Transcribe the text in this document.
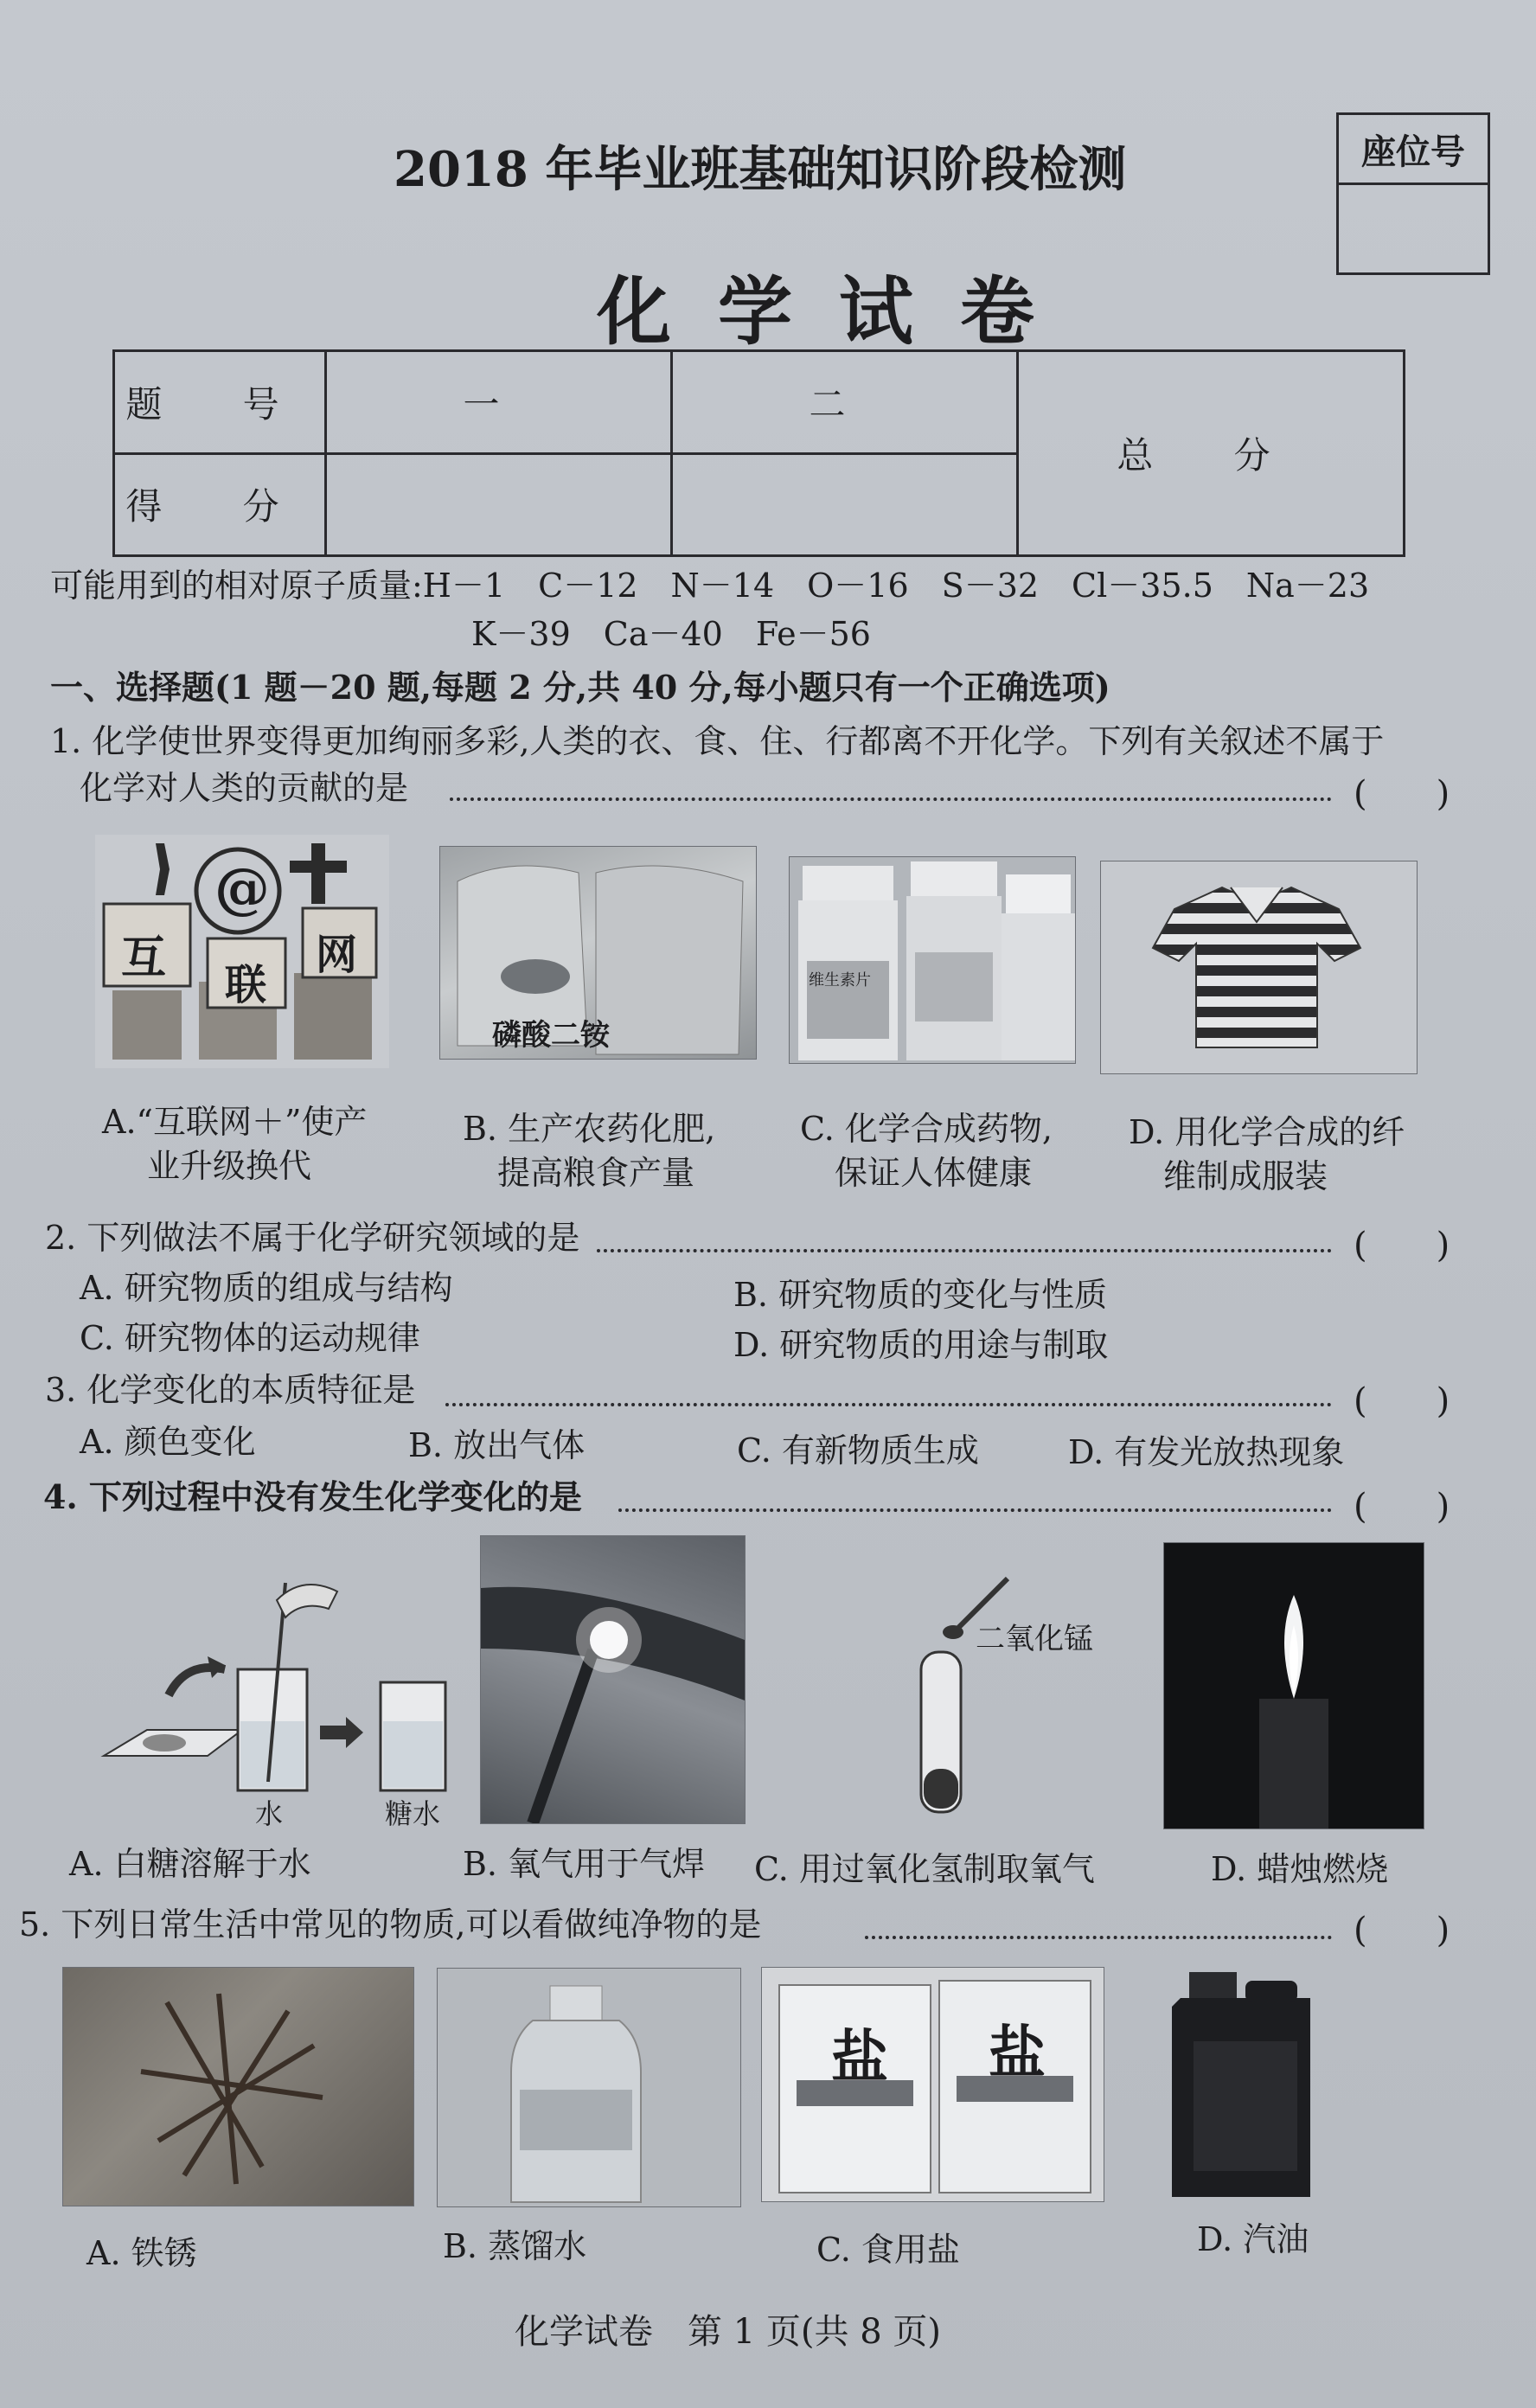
2018 年毕业班基础知识阶段检测
化 学 试 卷
座位号
题 号	一	二	总 分
得 分			
可能用到的相对原子质量:H－1　C－12　N－14　O－16　S－32　Cl－35.5　Na－23
K－39　Ca－40　Fe－56
一、选择题(1 题－20 题,每题 2 分,共 40 分,每小题只有一个正确选项)
1. 化学使世界变得更加绚丽多彩,人类的衣、食、住、行都离不开化学。下列有关叙述不属于
化学对人类的贡献的是	(　　)
互
@
联
网
磷酸二铵
维生素片
A.“互联网＋”使产
业升级换代
B. 生产农药化肥,
提高粮食产量
C. 化学合成药物,
保证人体健康
D. 用化学合成的纤
维制成服装
2. 下列做法不属于化学研究领域的是	(　　)
A. 研究物质的组成与结构	B. 研究物质的变化与性质
C. 研究物体的运动规律	D. 研究物质的用途与制取
3. 化学变化的本质特征是	(　　)
A. 颜色变化	B. 放出气体	C. 有新物质生成	D. 有发光放热现象
4. 下列过程中没有发生化学变化的是	(　　)
水	糖水
二氧化锰
A. 白糖溶解于水	B. 氧气用于气焊 C. 用过氧化氢制取氧气	D. 蜡烛燃烧
5. 下列日常生活中常见的物质,可以看做纯净物的是	(　　)
盐 盐
A. 铁锈	B. 蒸馏水	C. 食用盐	D. 汽油
化学试卷　第 1 页(共 8 页)
